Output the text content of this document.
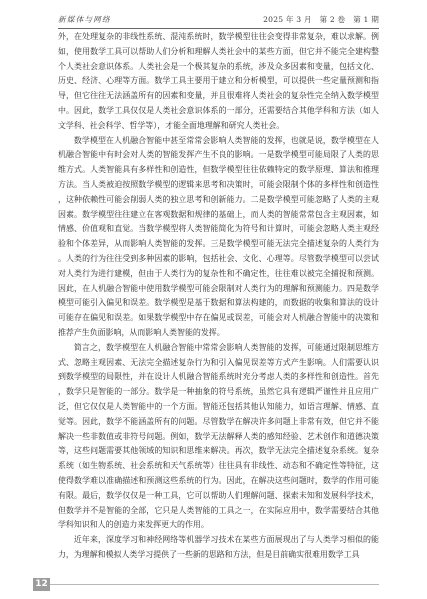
新媒体与网络	2025 年 3 月　第 2 卷　第 1 期

外，在处理复杂的非线性系统、混沌系统时，数学模型往往会变得非常复杂，难以求解。例如，使用数学工具可以帮助人们分析和理解人类社会中的某些方面，但它并不能完全建构整个人类社会意识体系。人类社会是一个极其复杂的系统，涉及众多因素和变量，包括文化、历史、经济、心理等方面。数学工具主要用于建立和分析模型，可以提供一些定量预测和指导，但它往往无法涵盖所有的因素和变量，并且很难将人类社会的复杂性完全纳入数学模型中。因此，数学工具仅仅是人类社会意识体系的一部分，还需要结合其他学科和方法（如人文学科、社会科学、哲学等），才能全面地理解和研究人类社会。

数学模型在人机融合智能中甚至常常会影响人类智能的发挥，也就是说，数学模型在人机融合智能中有时会对人类的智能发挥产生不良的影响。一是数学模型可能局限了人类的思维方式。人类智能具有多样性和创造性，但数学模型往往依赖特定的数学原理、算法和推理方法。当人类被迫按照数学模型的逻辑来思考和决策时，可能会限制个体的多样性和创造性，这种依赖性可能会削弱人类的独立思考和创新能力。二是数学模型可能忽略了人类的主观因素。数学模型往往建立在客观数据和规律的基础上，而人类的智能常常包含主观因素，如情感、价值观和直觉。当数学模型将人类智能简化为符号和计算时，可能会忽略人类主观经验和个体差异，从而影响人类智能的发挥。三是数学模型可能无法完全描述复杂的人类行为。人类的行为往往受到多种因素的影响，包括社会、文化、心理等。尽管数学模型可以尝试对人类行为进行建模，但由于人类行为的复杂性和不确定性，往往难以被完全捕捉和预测。因此，在人机融合智能中使用数学模型可能会限制对人类行为的理解和预测能力。四是数学模型可能引入偏见和误差。数学模型是基于数据和算法构建的，而数据的收集和算法的设计可能存在偏见和误差。如果数学模型中存在偏见或误差，可能会对人机融合智能中的决策和推荐产生负面影响，从而影响人类智能的发挥。

简言之，数学模型在人机融合智能中常常会影响人类智能的发挥，可能通过限制思维方式、忽略主观因素、无法完全描述复杂行为和引入偏见误差等方式产生影响。人们需要认识到数学模型的局限性，并在设计人机融合智能系统时充分考虑人类的多样性和创造性。首先，数学只是智能的一部分。数学是一种抽象的符号系统，虽然它具有逻辑严谨性并且应用广泛，但它仅仅是人类智能中的一个方面。智能还包括其他认知能力，如语言理解、情感、直觉等。因此，数学不能涵盖所有的问题。尽管数学在解决许多问题上非常有效，但它并不能解决一些非数值或非符号问题。例如，数学无法解释人类的感知经验、艺术创作和道德决策等，这些问题需要其他领域的知识和思维来解决。再次，数学无法完全描述复杂系统。复杂系统（如生物系统、社会系统和天气系统等）往往具有非线性、动态和不确定性等特征，这使得数学难以准确描述和预测这些系统的行为。因此，在解决这些问题时，数学的作用可能有限。最后，数学仅仅是一种工具，它可以帮助人们理解问题、探索未知和发展科学技术，但数学并不是智能的全部，它只是人类智能的工具之一，在实际应用中，数学需要结合其他学科知识和人的创造力来发挥更大的作用。

近年来，深度学习和神经网络等机器学习技术在某些方面展现出了与人类学习相似的能力，为理解和模拟人类学习提供了一些新的思路和方法，但是目前确实很难用数学工具

12
